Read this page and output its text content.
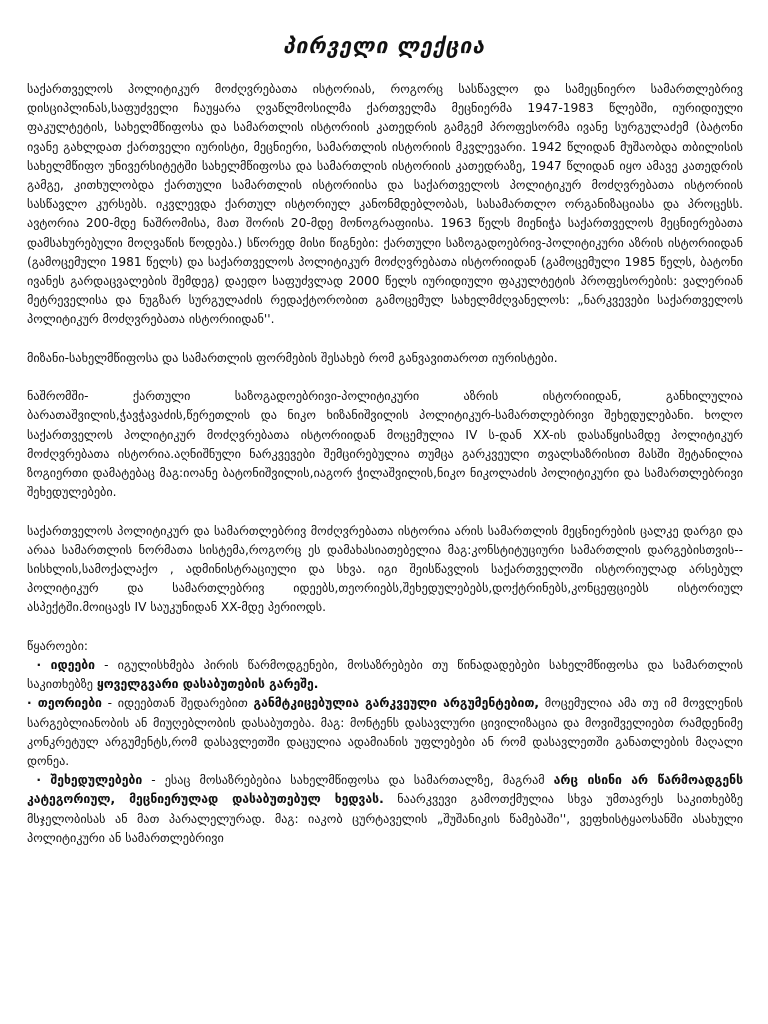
პირველი ლექცია

საქართველოს პოლიტიკურ მოძღვრებათა ისტორიას, როგორც სასწავლო და სამეცნიერო სამართლებრივ დისციპლინას,საფუძველი ჩაუყარა ღვაწლმოსილმა ქართველმა მეცნიერმა 1947-1983 წლებში, იურიდიული ფაკულტეტის, სახელმწიფოსა და სამართლის ისტორიის კათედრის გამგემ პროფესორმა ივანე სურგულაძემ (ბატონი ივანე გახლდათ ქართველი იურისტი, მეცნიერი, სამართლის ისტორიის მკვლევარი. 1942 წლიდან მუშაობდა თბილისის სახელმწიფო უნივერსიტეტში სახელმწიფოსა და სამართლის ისტორიის კათედრაზე, 1947 წლიდან იყო ამავე კათედრის გამგე, კითხულობდა ქართული სამართლის ისტორიისა და საქართველოს პოლიტიკურ მოძღვრებათა ისტორიის სასწავლო კურსებს. იკვლევდა ქართულ ისტორიულ კანონმდებლობას, სასამართლო ორგანიზაციასა და პროცესს. ავტორია 200-მდე ნაშრომისა, მათ შორის 20-მდე მონოგრაფიისა. 1963 წელს მიენიჭა საქართველოს მეცნიერებათა დამსახურებული მოღვაწის წოდება.) სწორედ მისი წიგნები: ქართული საზოგადოებრივ-პოლიტიკური აზრის ისტორიიდან (გამოცემული 1981 წელს) და საქართველოს პოლიტიკურ მოძღვრებათა ისტორიიდან (გამოცემული 1985 წელს, ბატონი ივანეს გარდაცვალების შემდეგ) დაედო საფუძვლად 2000 წელს იურიდიული ფაკულტეტის პროფესორების: ვალერიან მეტრეველისა და ნუგზარ სურგულაძის რედაქტორობით გამოცემულ სახელმძღვანელოს: „ნარკვევები საქართველოს პოლიტიკურ მოძღვრებათა ისტორიიდან''.

მიზანი-სახელმწიფოსა და სამართლის ფორმების შესახებ რომ განვავითაროთ იურისტები.

ნაშრომში- ქართული საზოგადოებრივი-პოლიტიკური აზრის ისტორიიდან, განხილულია ბარათაშვილის,ჭავჭავაძის,წერეთლის და ნიკო ხიზანიშვილის პოლიტიკურ-სამართლებრივი შეხედულებანი. ხოლო საქართველოს პოლიტიკურ მოძღვრებათა ისტორიიდან მოცემულია IV ს-დან XX-ის დასაწყისამდე პოლიტიკურ მოძღვრებათა ისტორია.აღნიშნული ნარკვევები შემცირებულია თუმცა გარკვეული თვალსაზრისით მასში შეტანილია ზოგიერთი დამატებაც მაგ:იოანე ბატონიშვილის,იაგორ ჭილაშვილის,ნიკო ნიკოლაძის პოლიტიკური და სამართლებრივი შეხედულებები.

საქართველოს პოლიტიკურ და სამართლებრივ მოძღვრებათა ისტორია არის სამართლის მეცნიერების ცალკე დარგი და არაა სამართლის ნორმათა სისტემა,როგორც ეს დამახასიათებელია მაგ:კონსტიტუციური სამართლის დარგებისთვის--სისხლის,სამოქალაქო , ადმინისტრაციული და სხვა. იგი შეისწავლის საქართველოში ისტორიულად არსებულ პოლიტიკურ და სამართლებრივ იდეებს,თეორიებს,შეხედულებებს,დოქტრინებს,კონცეფციებს ისტორიულ ასპექტში.მოიცავს IV საუკუნიდან XX-მდე პერიოდს.

წყაროები:

· იდეები - იგულისხმება პირის წარმოდგენები, მოსაზრებები თუ წინადადებები სახელმწიფოსა და სამართლის საკითხებზე ყოველგვარი დასაბუთების გარეშე.

· თეორიები - იდეებთან შედარებით განმტკიცებულია გარკვეული არგუმენტებით, მოცემულია ამა თუ იმ მოვლენის სარგებლიანობის ან მიუღებლობის დასაბუთება. მაგ: მონტენს დასავლური ცივილიზაცია და მოვიშველიებთ რამდენიმე კონკრეტულ არგუმენტს,რომ დასავლეთში დაცულია ადამიანის უფლებები ან რომ დასავლეთში განათლების მაღალი დონეა.

· შეხედულებები - ესაც მოსაზრებებია სახელმწიფოსა და სამართალზე, მაგრამ არც ისინი არ წარმოადგენს კატეგორიულ, მეცნიერულად დასაბუთებულ ხედვას. ნაარკვევი გამოთქმულია სხვა უმთავრეს საკითხებზე მსჯელობისას ან მათ პარალელურად. მაგ: იაკობ ცურტაველის „შუშანიკის წამებაში'', ვეფხისტყაოსანში ასახული პოლიტიკური ან სამართლებრივი
